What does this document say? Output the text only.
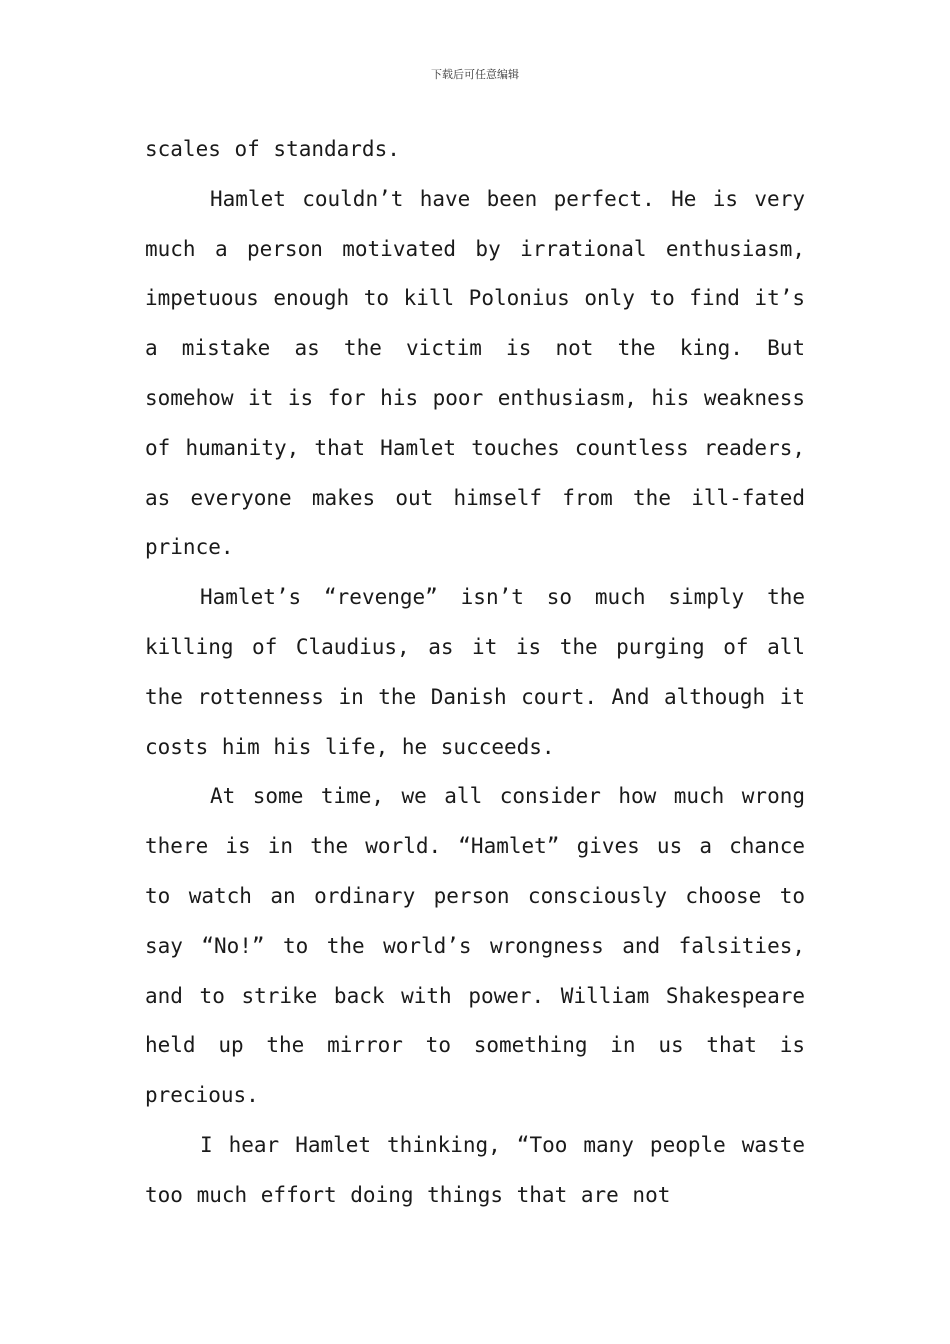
下载后可任意编辑

scales of standards.

Hamlet couldn’t have been perfect. He is very much a person motivated by irrational enthusiasm, impetuous enough to kill Polonius only to find it’s a mistake as the victim is not the king. But somehow it is for his poor enthusiasm, his weakness of humanity, that Hamlet touches countless readers, as everyone makes out himself from the ill-fated prince.

Hamlet’s “revenge” isn’t so much simply the killing of Claudius, as it is the purging of all the rottenness in the Danish court. And although it costs him his life, he succeeds.

At some time, we all consider how much wrong there is in the world. “Hamlet” gives us a chance to watch an ordinary person consciously choose to say “No!” to the world’s wrongness and falsities, and to strike back with power. William Shakespeare held up the mirror to something in us that is precious.

I hear Hamlet thinking, “Too many people waste too much effort doing things that are not
